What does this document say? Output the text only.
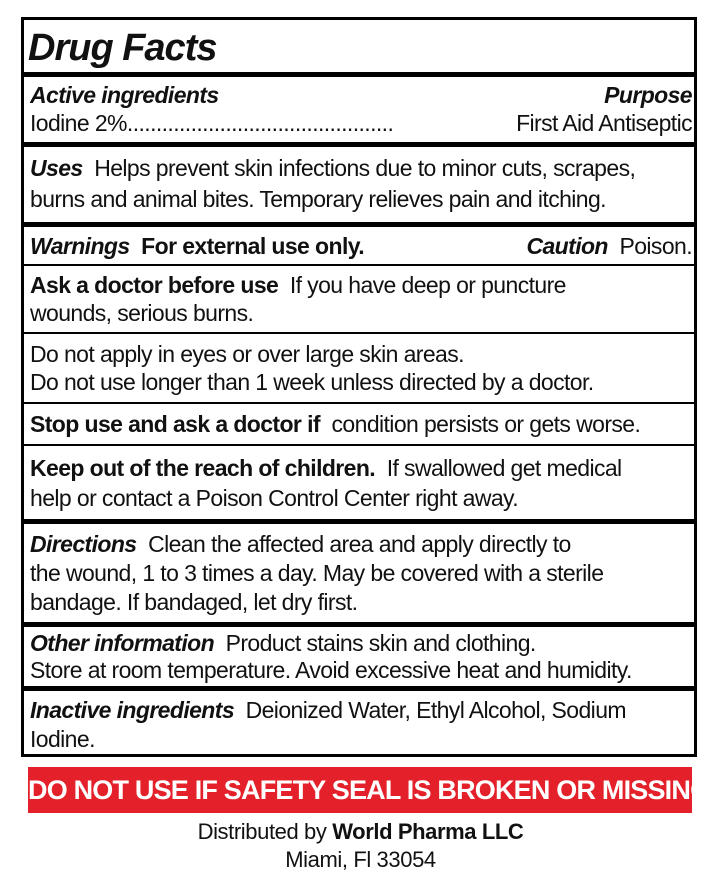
Drug Facts
Active ingredients	Purpose
Iodine 2% ..............................................	First Aid Antiseptic
Uses Helps prevent skin infections due to minor cuts, scrapes,
burns and animal bites. Temporary relieves pain and itching.
Warnings For external use only.	Caution Poison.
Ask a doctor before use If you have deep or puncture
wounds, serious burns.
Do not apply in eyes or over large skin areas.
Do not use longer than 1 week unless directed by a doctor.
Stop use and ask a doctor if condition persists or gets worse.
Keep out of the reach of children. If swallowed get medical
help or contact a Poison Control Center right away.
Directions Clean the affected area and apply directly to
the wound, 1 to 3 times a day. May be covered with a sterile
bandage. If bandaged, let dry first.
Other information Product stains skin and clothing.
Store at room temperature. Avoid excessive heat and humidity.
Inactive ingredients Deionized Water, Ethyl Alcohol, Sodium
Iodine.
DO NOT USE IF SAFETY SEAL IS BROKEN OR MISSING
Distributed by World Pharma LLC
Miami, Fl 33054
